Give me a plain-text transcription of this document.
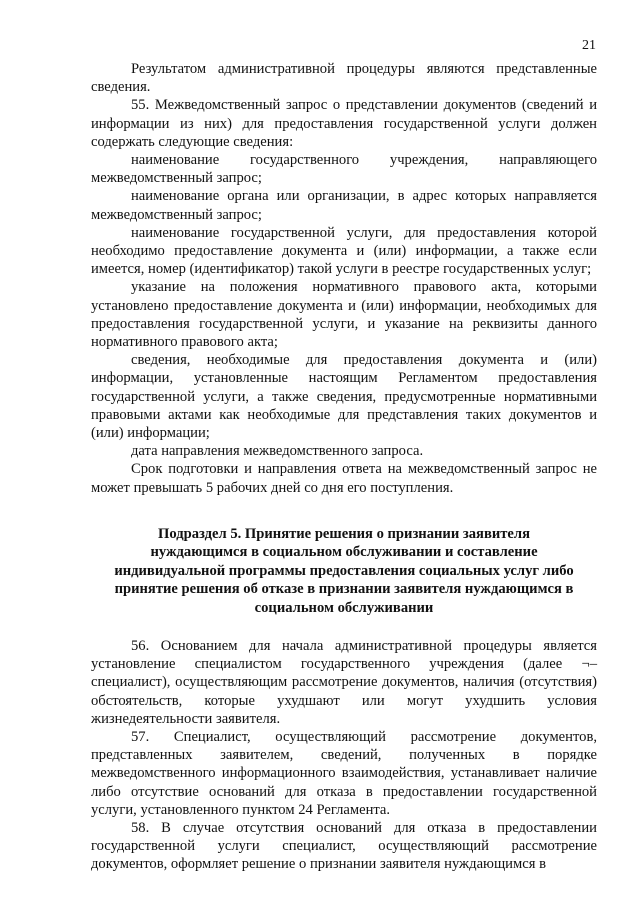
21

Результатом административной процедуры являются представленные сведения.

55. Межведомственный запрос о представлении документов (сведений и информации из них) для предоставления государственной услуги должен содержать следующие сведения:

наименование государственного учреждения, направляющего межведомственный запрос;

наименование органа или организации, в адрес которых направляется межведомственный запрос;

наименование государственной услуги, для предоставления которой необходимо предоставление документа и (или) информации, а также если имеется, номер (идентификатор) такой услуги в реестре государственных услуг;

указание на положения нормативного правового акта, которыми установлено предоставление документа и (или) информации, необходимых для предоставления государственной услуги, и указание на реквизиты данного нормативного правового акта;

сведения, необходимые для предоставления документа и (или) информации, установленные настоящим Регламентом предоставления государственной услуги, а также сведения, предусмотренные нормативными правовыми актами как необходимые для представления таких документов и (или) информации;

дата направления межведомственного запроса.

Срок подготовки и направления ответа на межведомственный запрос не может превышать 5 рабочих дней со дня его поступления.

Подраздел 5. Принятие решения о признании заявителя
нуждающимся в социальном обслуживании и составление
индивидуальной программы предоставления социальных услуг либо
принятие решения об отказе в признании заявителя нуждающимся в
социальном обслуживании

56. Основанием для начала административной процедуры является установление специалистом государственного учреждения (далее ¬– специалист), осуществляющим рассмотрение документов, наличия (отсутствия) обстоятельств, которые ухудшают или могут ухудшить условия жизнедеятельности заявителя.

57. Специалист, осуществляющий рассмотрение документов, представленных заявителем, сведений, полученных в порядке межведомственного информационного взаимодействия, устанавливает наличие либо отсутствие оснований для отказа в предоставлении государственной услуги, установленного пунктом 24 Регламента.

58. В случае отсутствия оснований для отказа в предоставлении государственной услуги специалист, осуществляющий рассмотрение документов, оформляет решение о признании заявителя нуждающимся в
